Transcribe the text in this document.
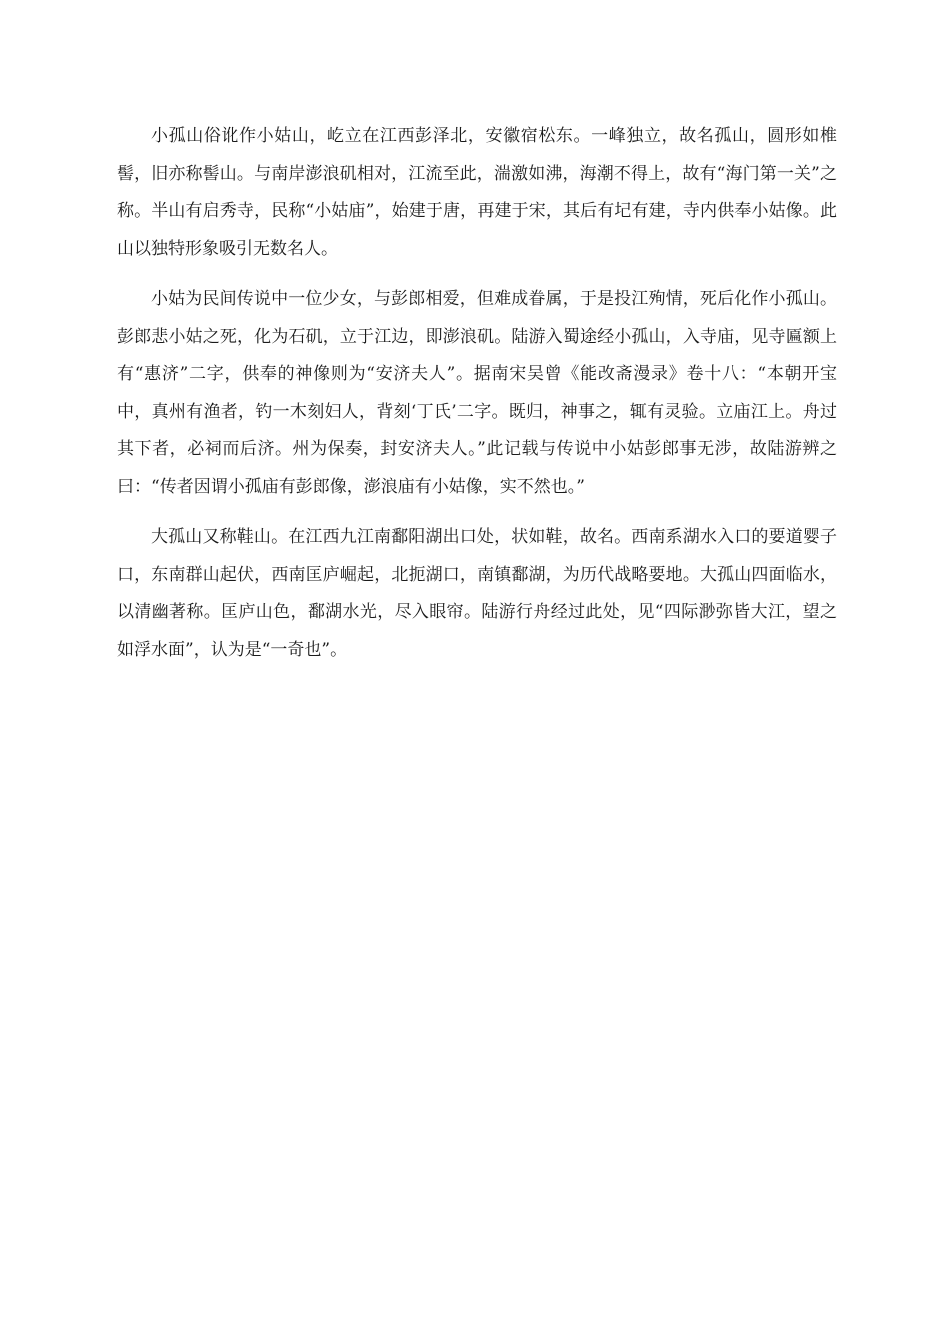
小孤山俗讹作小姑山，屹立在江西彭泽北，安徽宿松东。一峰独立，故名孤山，圆形如椎髻，旧亦称髻山。与南岸澎浪矶相对，江流至此，湍激如沸，海潮不得上，故有“海门第一关”之称。半山有启秀寺，民称“小姑庙”，始建于唐，再建于宋，其后有圮有建，寺内供奉小姑像。此山以独特形象吸引无数名人。

小姑为民间传说中一位少女，与彭郎相爱，但难成眷属，于是投江殉情，死后化作小孤山。彭郎悲小姑之死，化为石矶，立于江边，即澎浪矶。陆游入蜀途经小孤山，入寺庙，见寺匾额上有“惠济”二字，供奉的神像则为“安济夫人”。据南宋吴曾《能改斋漫录》卷十八：“本朝开宝中，真州有渔者，钓一木刻妇人，背刻‘丁氏’二字。既归，神事之，辄有灵验。立庙江上。舟过其下者，必祠而后济。州为保奏，封安济夫人。”此记载与传说中小姑彭郎事无涉，故陆游辨之曰：“传者因谓小孤庙有彭郎像，澎浪庙有小姑像，实不然也。”

大孤山又称鞋山。在江西九江南鄱阳湖出口处，状如鞋，故名。西南系湖水入口的要道婴子口，东南群山起伏，西南匡庐崛起，北扼湖口，南镇鄱湖，为历代战略要地。大孤山四面临水，以清幽著称。匡庐山色，鄱湖水光，尽入眼帘。陆游行舟经过此处，见“四际渺弥皆大江，望之如浮水面”，认为是“一奇也”。
